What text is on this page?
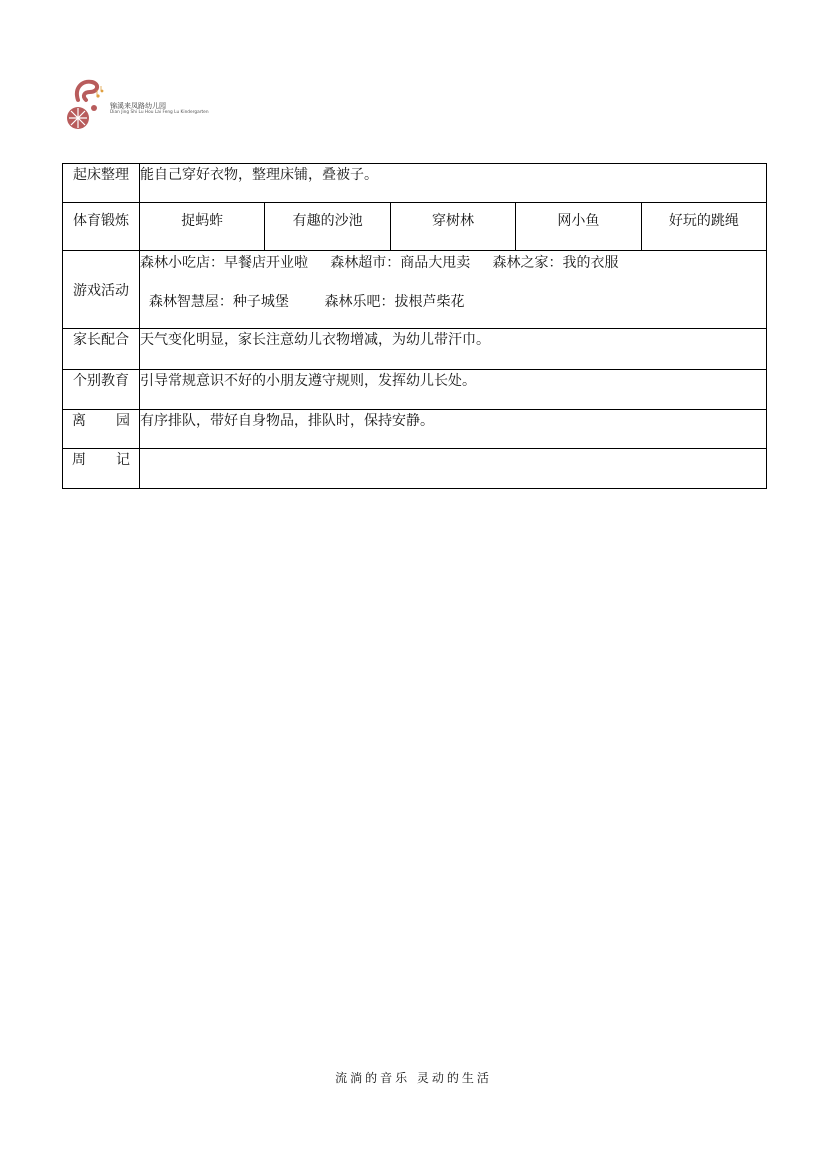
锦溪来凤路幼儿园
Dian Jing Shi Lu Hou Lai Feng Lu Kindergarten
起床整理	能自己穿好衣物，整理床铺，叠被子。
体育锻炼	捉蚂蚱 有趣的沙池 穿树林 网小鱼 好玩的跳绳

游戏活动	森林小吃店：早餐店开业啦     森林超市：商品大甩卖     森林之家：我的衣服
森林智慧屋：种子城堡        森林乐吧：拔根芦柴花

家长配合	天气变化明显，家长注意幼儿衣物增减，为幼儿带汗巾。
个别教育	引导常规意识不好的小朋友遵守规则，发挥幼儿长处。

离 园	有序排队，带好自身物品，排队时，保持安静。

周 记	

流淌的音乐 灵动的生活
